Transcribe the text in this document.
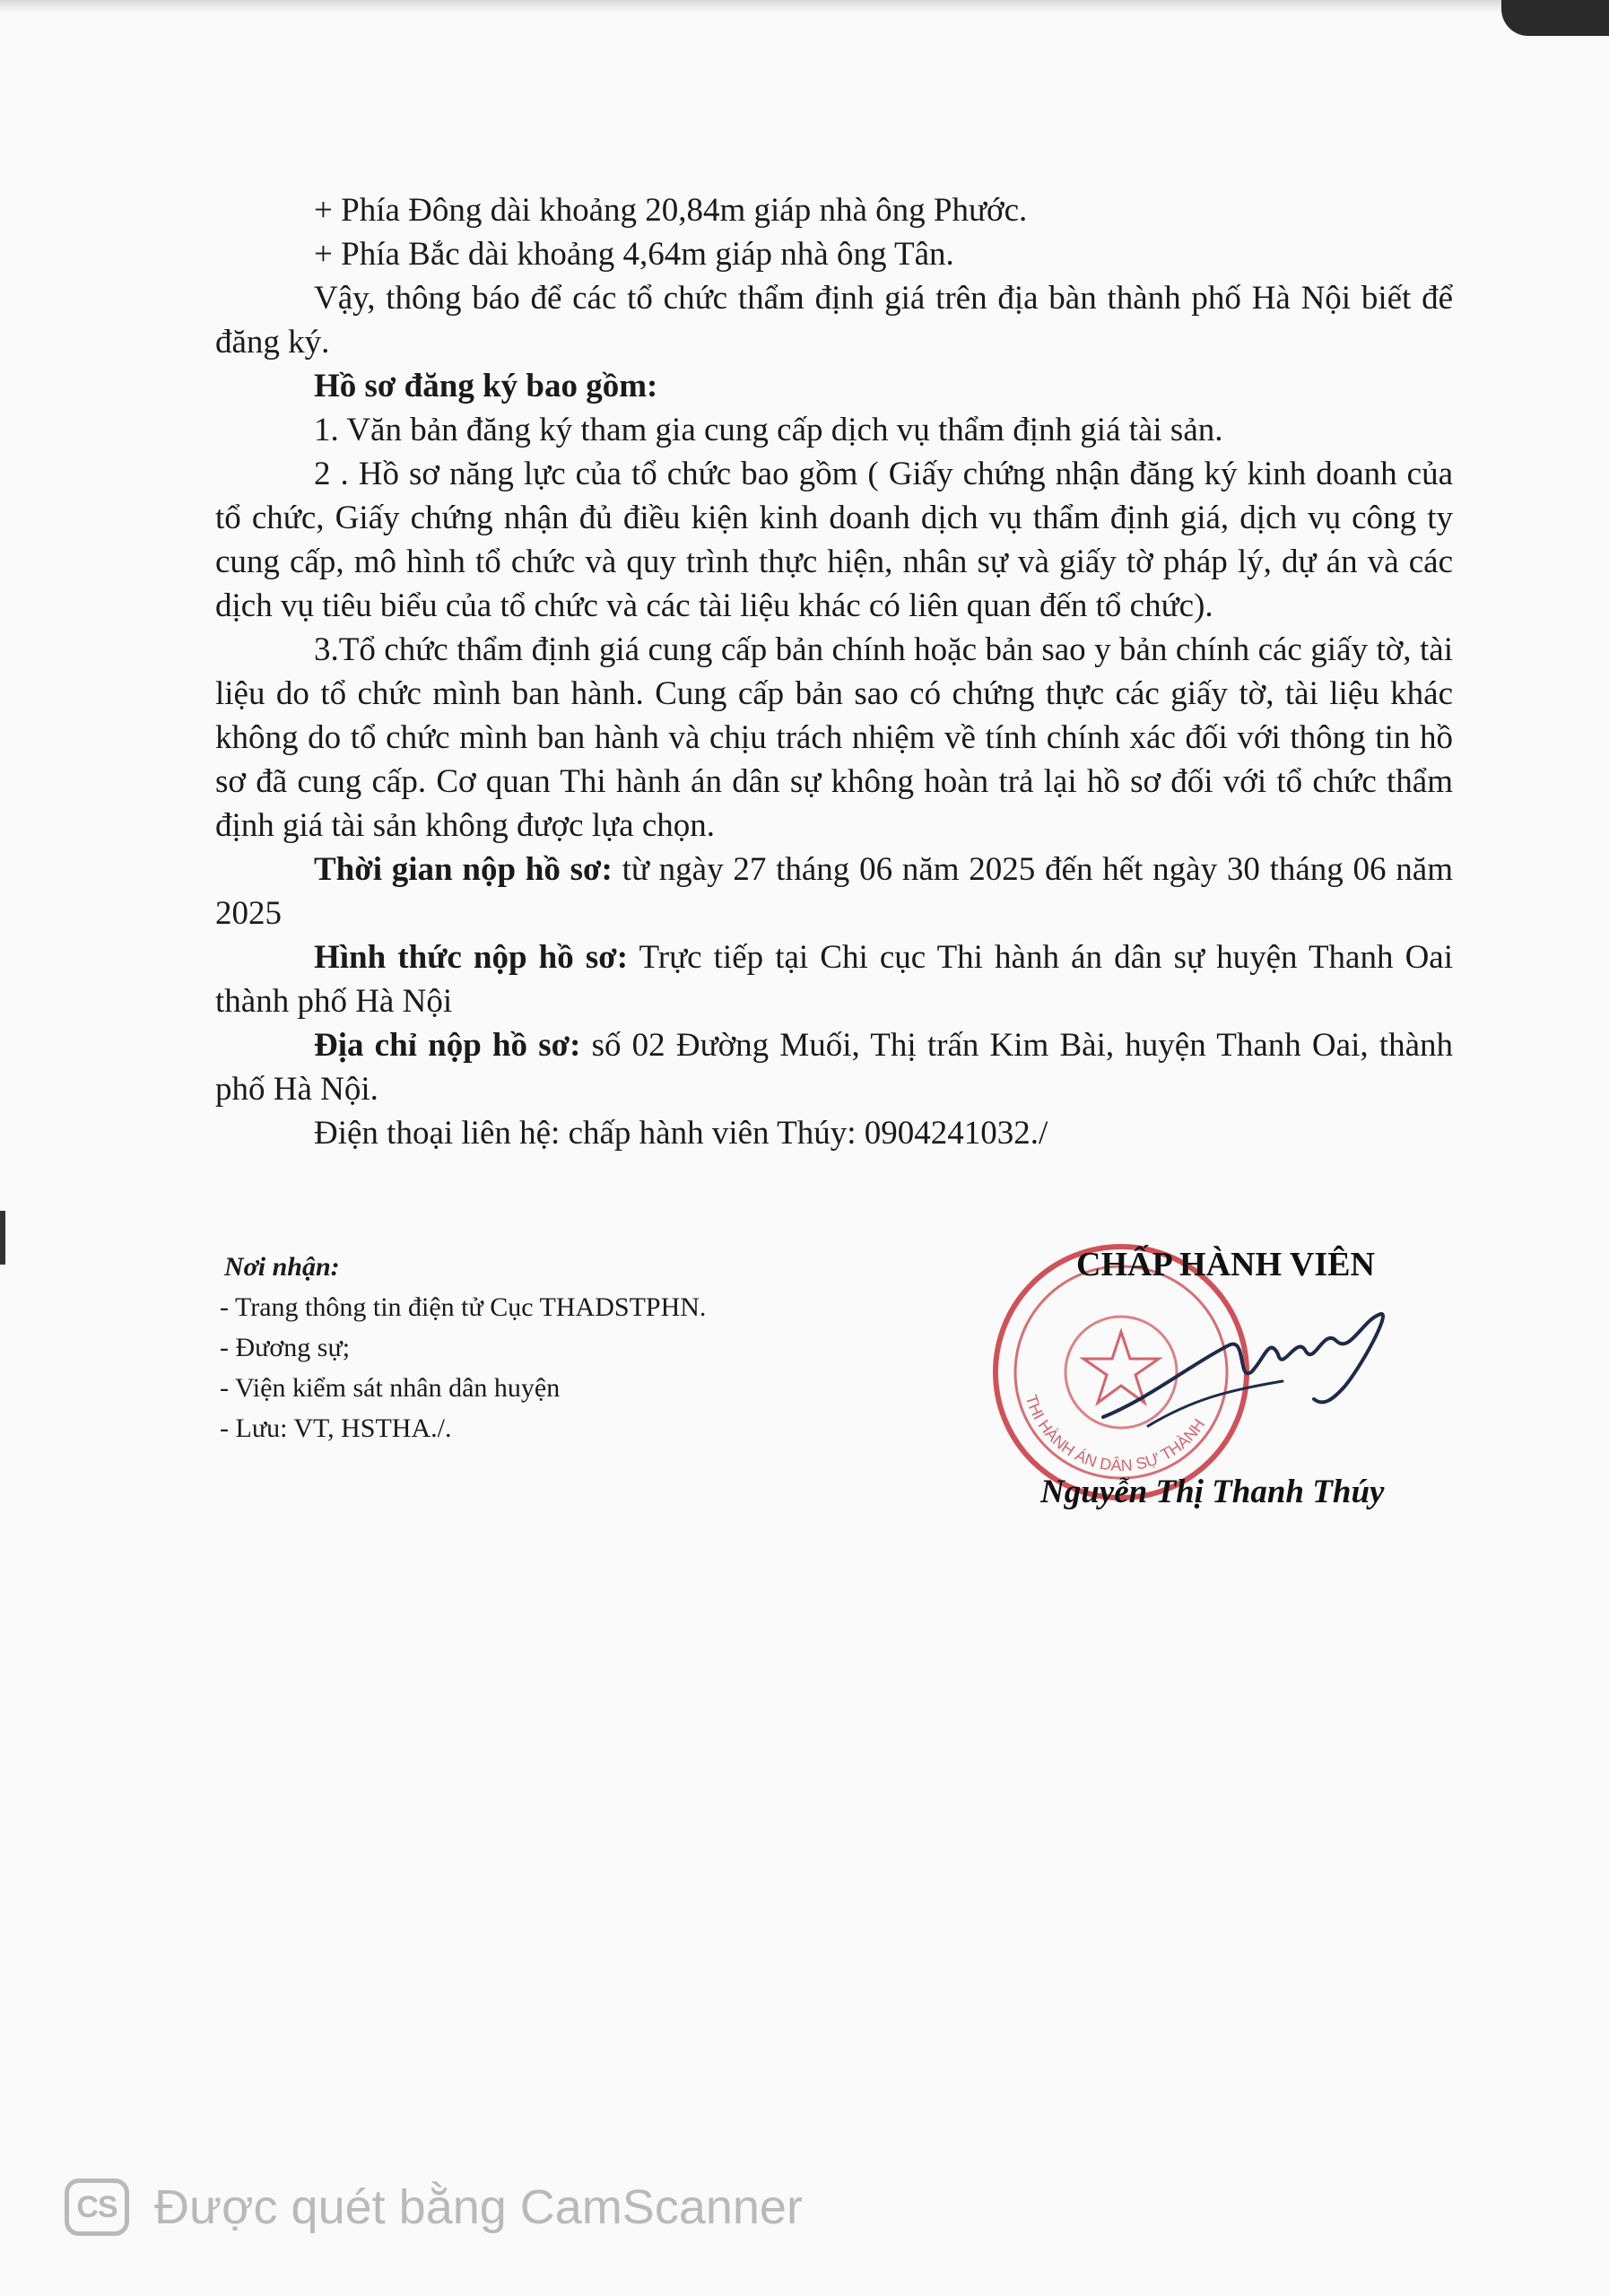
+ Phía Đông dài khoảng 20,84m giáp nhà ông Phước.

+ Phía Bắc dài khoảng 4,64m giáp nhà ông Tân.

Vậy, thông báo để các tổ chức thẩm định giá trên địa bàn thành phố Hà Nội biết để đăng ký.

Hồ sơ đăng ký bao gồm:

1. Văn bản đăng ký tham gia cung cấp dịch vụ thẩm định giá tài sản.

2 . Hồ sơ năng lực của tổ chức bao gồm ( Giấy chứng nhận đăng ký kinh doanh của tổ chức, Giấy chứng nhận đủ điều kiện kinh doanh dịch vụ thẩm định giá, dịch vụ công ty cung cấp, mô hình tổ chức và quy trình thực hiện, nhân sự và giấy tờ pháp lý, dự án và các dịch vụ tiêu biểu của tổ chức và các tài liệu khác có liên quan đến tổ chức).

3.Tổ chức thẩm định giá cung cấp bản chính hoặc bản sao y bản chính các giấy tờ, tài liệu do tổ chức mình ban hành. Cung cấp bản sao có chứng thực các giấy tờ, tài liệu khác không do tổ chức mình ban hành và chịu trách nhiệm về tính chính xác đối với thông tin hồ sơ đã cung cấp. Cơ quan Thi hành án dân sự không hoàn trả lại hồ sơ đối với tổ chức thẩm định giá tài sản không được lựa chọn.

Thời gian nộp hồ sơ: từ ngày 27 tháng 06 năm 2025 đến hết ngày 30 tháng 06 năm 2025

Hình thức nộp hồ sơ: Trực tiếp tại Chi cục Thi hành án dân sự huyện Thanh Oai thành phố Hà Nội

Địa chỉ nộp hồ sơ: số 02 Đường Muối, Thị trấn Kim Bài, huyện Thanh Oai, thành phố Hà Nội.

Điện thoại liên hệ: chấp hành viên Thúy: 0904241032./

Nơi nhận:
- Trang thông tin điện tử Cục THADSTPHN.
- Đương sự;
- Viện kiểm sát nhân dân huyện
- Lưu: VT, HSTHA./.
THI HÀNH ÁN DÂN SỰ THÀNH
CHẤP HÀNH VIÊN
Nguyễn Thị Thanh Thúy
CS Được quét bằng CamScanner
